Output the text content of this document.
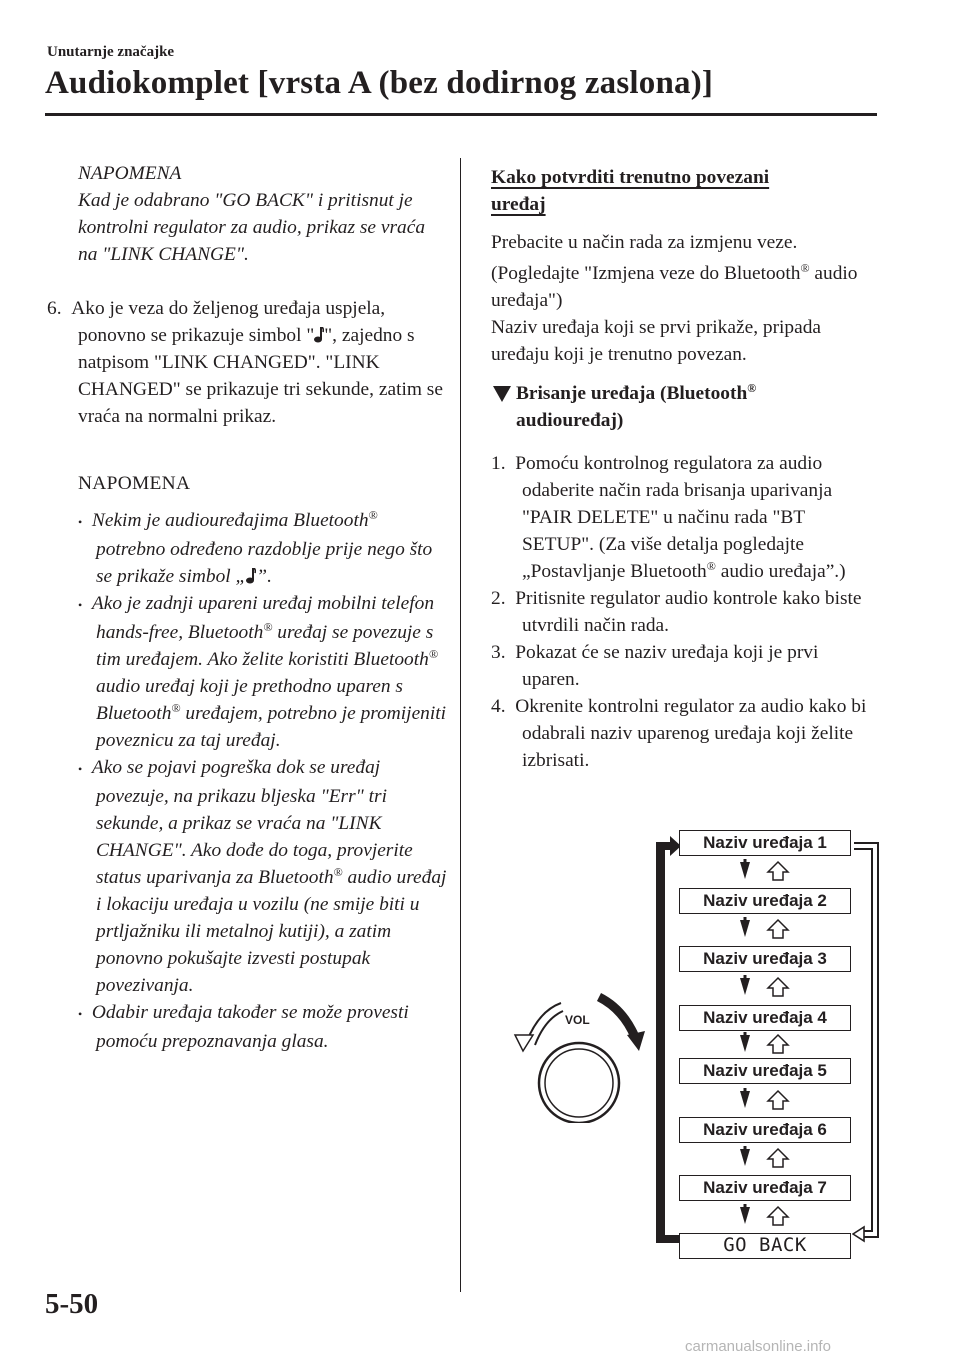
Unutarnje značajke
Audiokomplet [vrsta A (bez dodirnog zaslona)]

NAPOMENA

Kad je odabrano "GO BACK" i pritisnut je kontrolni regulator za audio, prikaz se vraća na "LINK CHANGE".

6. Ako je veza do željenog uređaja uspjela, ponovno se prikazuje simbol " ", zajedno s natpisom "LINK CHANGED". "LINK CHANGED" se prikazuje tri sekunde, zatim se vraća na normalni prikaz.

NAPOMENA

• Nekim je audiouređajima Bluetooth® potrebno određeno razdoblje prije nego što se prikaže simbol „ ”.

• Ako je zadnji upareni uređaj mobilni telefon hands-free, Bluetooth® uređaj se povezuje s tim uređajem. Ako želite koristiti Bluetooth® audio uređaj koji je prethodno uparen s Bluetooth® uređajem, potrebno je promijeniti poveznicu za taj uređaj.

• Ako se pojavi pogreška dok se uređaj povezuje, na prikazu bljeska "Err" tri sekunde, a prikaz se vraća na "LINK CHANGE". Ako dođe do toga, provjerite status uparivanja za Bluetooth® audio uređaj i lokaciju uređaja u vozilu (ne smije biti u prtljažniku ili metalnoj kutiji), a zatim ponovno pokušajte izvesti postupak povezivanja.

• Odabir uređaja također se može provesti pomoću prepoznavanja glasa.

Kako potvrditi trenutno povezani
uređaj

Prebacite u način rada za izmjenu veze.

(Pogledajte "Izmjena veze do Bluetooth® audio uređaja")

Naziv uređaja koji se prvi prikaže, pripada uređaju koji je trenutno povezan.

Brisanje uređaja (Bluetooth®
audiouređaj)

1. Pomoću kontrolnog regulatora za audio odaberite način rada brisanja uparivanja "PAIR DELETE" u načinu rada "BT SETUP". (Za više detalja pogledajte „Postavljanje Bluetooth® audio uređaja”.)

2. Pritisnite regulator audio kontrole kako biste utvrdili način rada.

3. Pokazat će se naziv uređaja koji je prvi uparen.

4. Okrenite kontrolni regulator za audio kako bi odabrali naziv uparenog uređaja koji želite izbrisati.

VOL
Naziv uređaja 1
Naziv uređaja 2
Naziv uređaja 3
Naziv uređaja 4
Naziv uređaja 5
Naziv uređaja 6
Naziv uređaja 7
GO BACK
5-50
carmanualsonline.info
